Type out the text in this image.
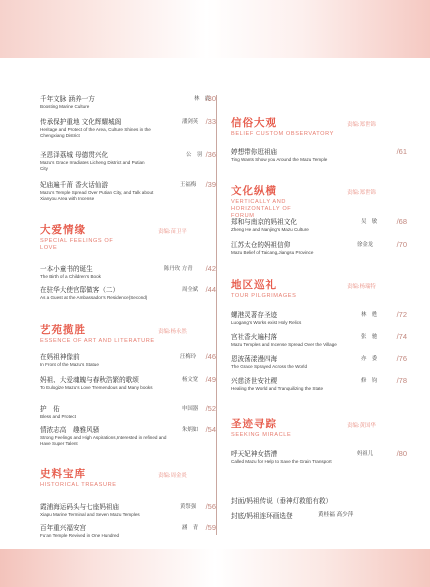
千年文脉 涵养一方
Boosting Marine Culture
林　震
/30
传承保护重地 文化辉耀城阁
Heritage and Protect of the Area, Culture Shines in the Chengxiang District
潘剑英 /33
圣恩泽荔城 母德贯兴化
Mazu’s Grace Irradiates Licheng District and Putian City
公　羽 /36
妃庙遍千莆 香火话仙游
Mazu’s Temple Spread Over Putian City, and Talk about Xianyou Area with Incense
王福梅 /39
大爱情缘
SPECIAL FEELINGS OF LOVE
责编:苗卫平
一本小童书的诞生
The Birth of a Children’s Book
陈丹玫 方青 /42
在驻华大使官邸做客（二）
As a Guest at the Ambassador’s Residence(Second)
周全斌 /44
艺苑揽胜
ESSENCE OF ART AND LITERATURE
责编:杨永然
在妈祖神像前
In Front of the Mazu’s Statue
汪梅玲 /46
妈祖、大爱魂魄与春秋浩繁的歌颂
To Eulogize Mazu’s Love Tremendous and Many books
杨文宽 /49
护　佑
Bless and Protect
申国器 /52
情浓志高　趣雅风骚
Strong Feelings and High Aspirations,Interested in refined and Have Super Talent
朱炳如 /54
史料宝库
HISTORICAL TREASURE
责编:周金炎
霞浦海运码头与七座妈祖庙
Xiapu Marine Terminal and Seven Mazu Temples
黄祭强 /56
百年重兴福安宫
Fu’an Temple Revived in One Hundred
涵　青 /59
信俗大观
BELIEF CUSTOM OBSERVATORY
责编:郑世锦
婷想带你逛祖庙
Ting Wants Show you Around the Mazu Temple
/61
文化纵横
VERTICALLY AND HORIZONTALLY OF FORUM
责编:郑世锦
郑和与南京的妈祖文化
Zheng He and Nanjing’s Mazu Culture
吴　敏	/68
江苏太仓的妈祖信仰
Mazu Belief of Taicang,Jiangsu Province
徐金龙	/70
地区巡礼
TOUR PILGRIMAGES
责编:杨瑞特
螺港灵著存圣迹
Luogang’s Works exist Holy Relics
林　甦	/72
宫社香火遍村落
Mazu Temples and Incense Spread Over the Village
张　驰	/74
恩波荡漾漫四海
The Grace Sprayed Across the World
亦　委	/76
兴慈济世安社稷
Healing the World and Tranquilizing the State
修　钧	/78
圣迹寻踪
SEEKING MIRACLE
责编:黄国华
呼天妃神女搭漕
Called Mazu for Help to Save the Grain Transport
妈祖儿	/80
封面/妈祖传说（垂神灯救船有救）
封底/妈祖连环画选登	黄桂福 高少萍
